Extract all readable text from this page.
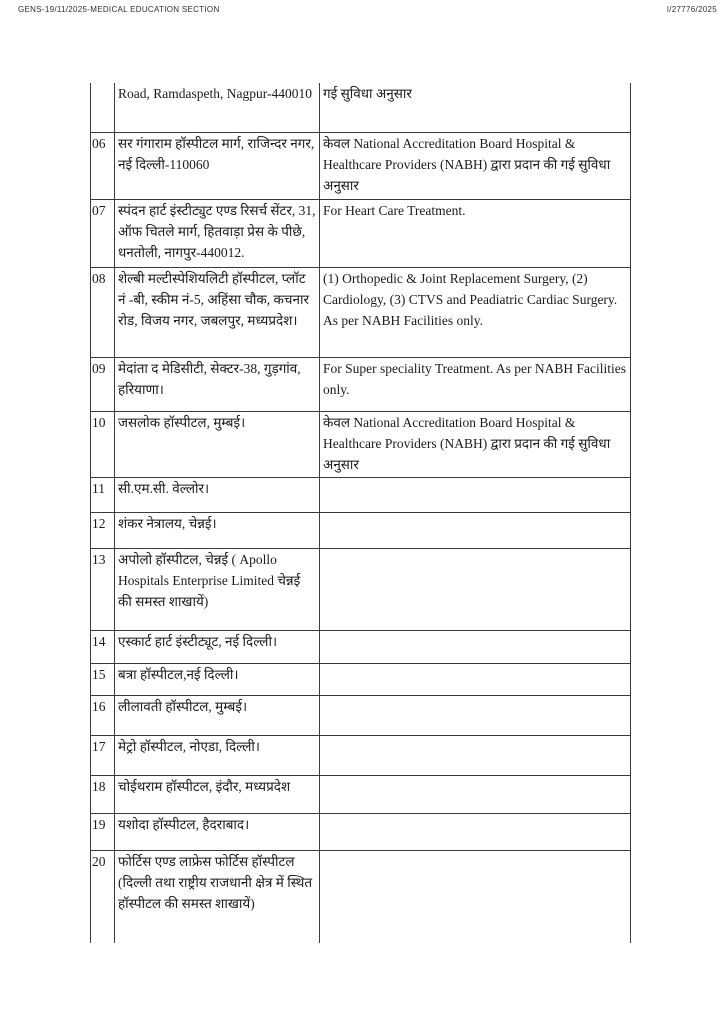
GENS-19/11/2025-MEDICAL EDUCATION SECTION	I/27776/2025
	Road, Ramdaspeth, Nagpur-440010	गई सुविधा अनुसार
06	सर गंगाराम हॉस्पीटल मार्ग, राजिन्दर नगर, नई दिल्ली-110060	केवल National Accreditation Board Hospital & Healthcare Providers (NABH) द्वारा प्रदान की गई सुविधा अनुसार
07	स्पंदन हार्ट इंस्टीट्युट एण्ड रिसर्च सेंटर, 31, ऑफ चितले मार्ग, हितवाड़ा प्रेस के पीछे, धनतोली, नागपुर-440012.	For Heart Care Treatment.
08	शेल्बी मल्टीस्पेशियलिटी हॉस्पीटल, प्लॉट नं -बी, स्कीम नं-5, अहिंसा चौक, कचनार रोड, विजय नगर, जबलपुर, मध्यप्रदेश।	(1) Orthopedic & Joint Replacement Surgery, (2) Cardiology, (3) CTVS and Peadiatric Cardiac Surgery. As per NABH Facilities only.
09	मेदांता द मेडिसीटी, सेक्टर-38, गुड़गांव, हरियाणा।	For Super speciality Treatment. As per NABH Facilities only.
10	जसलोक हॉस्पीटल, मुम्बई।	केवल National Accreditation Board Hospital & Healthcare Providers (NABH) द्वारा प्रदान की गई सुविधा अनुसार
11	सी.एम.सी. वेल्लोर।	
12	शंकर नेत्रालय, चेन्नई।	
13	अपोलो हॉस्पीटल, चेन्नई ( Apollo Hospitals Enterprise Limited चेन्नई की समस्त शाखायें)	
14	एस्कार्ट हार्ट इंस्टीट्यूट, नई दिल्ली।	
15	बत्रा हॉस्पीटल,नई दिल्ली।	
16	लीलावती हॉस्पीटल, मुम्बई।	
17	मेट्रो हॉस्पीटल, नोएडा, दिल्ली।	
18	चोईथराम हॉस्पीटल, इंदौर, मध्यप्रदेश	
19	यशोदा हॉस्पीटल, हैदराबाद।	
20	फोर्टिस एण्ड लाफ्रेस फोर्टिस हॉस्पीटल (दिल्ली तथा राष्ट्रीय राजधानी क्षेत्र में स्थित हॉस्पीटल की समस्त शाखायें)	
